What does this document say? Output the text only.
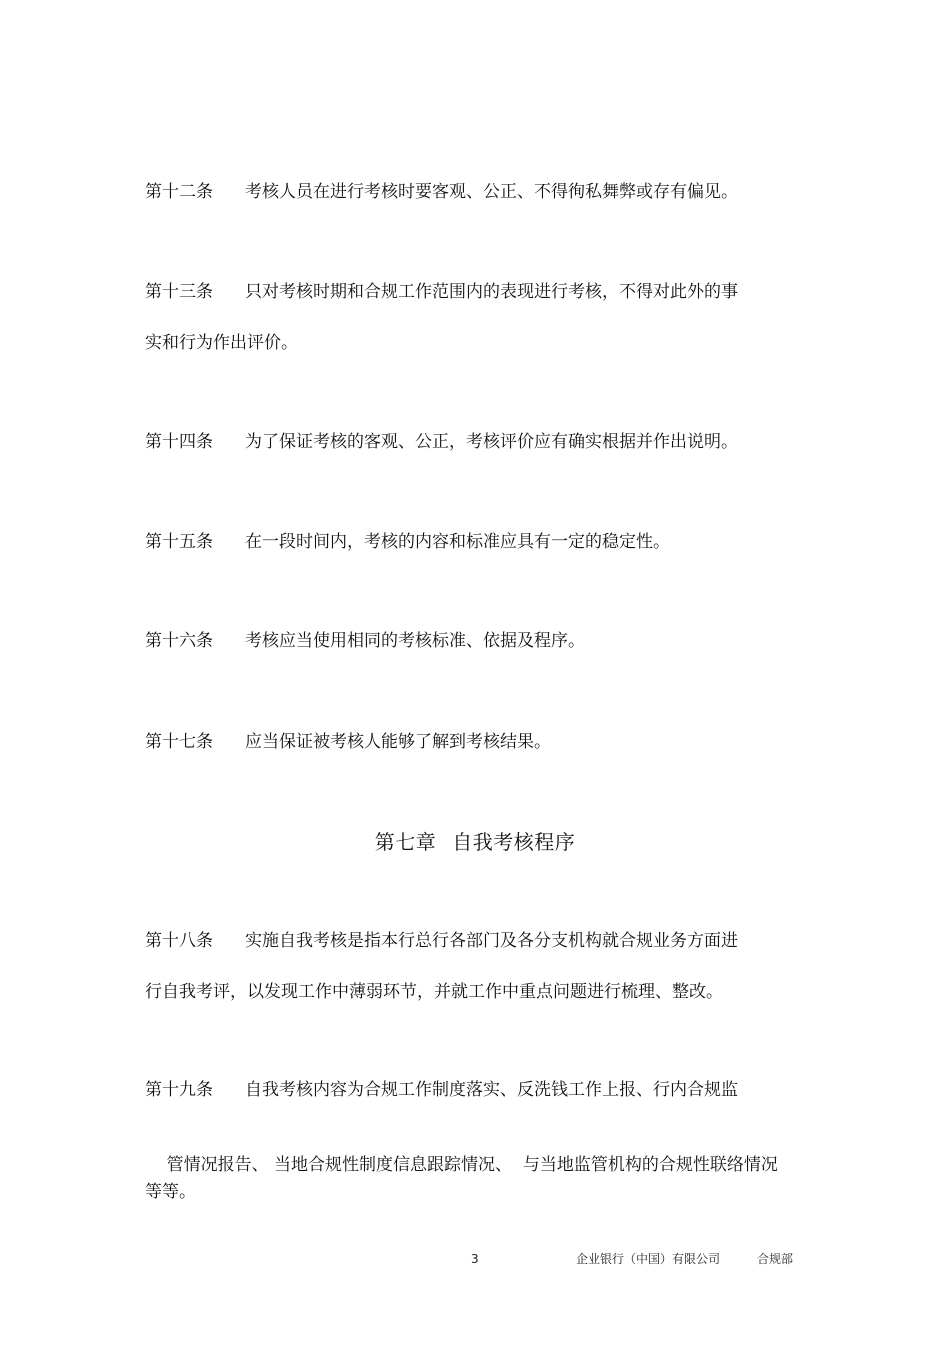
第十二条 考核人员在进行考核时要客观、公正、不得徇私舞弊或存有偏见。
第十三条 只对考核时期和合规工作范围内的表现进行考核，不得对此外的事
实和行为作出评价。
第十四条 为了保证考核的客观、公正，考核评价应有确实根据并作出说明。
第十五条 在一段时间内，考核的内容和标准应具有一定的稳定性。
第十六条 考核应当使用相同的考核标准、依据及程序。
第十七条 应当保证被考核人能够了解到考核结果。
第七章 自我考核程序
第十八条 实施自我考核是指本行总行各部门及各分支机构就合规业务方面进
行自我考评，以发现工作中薄弱环节，并就工作中重点问题进行梳理、整改。
第十九条 自我考核内容为合规工作制度落实、反洗钱工作上报、行内合规监

管情况报告、 当地合规性制度信息跟踪情况、  与当地监管机构的合规性联络情况

等等。
3	企业银行（中国）有限公司	合规部
